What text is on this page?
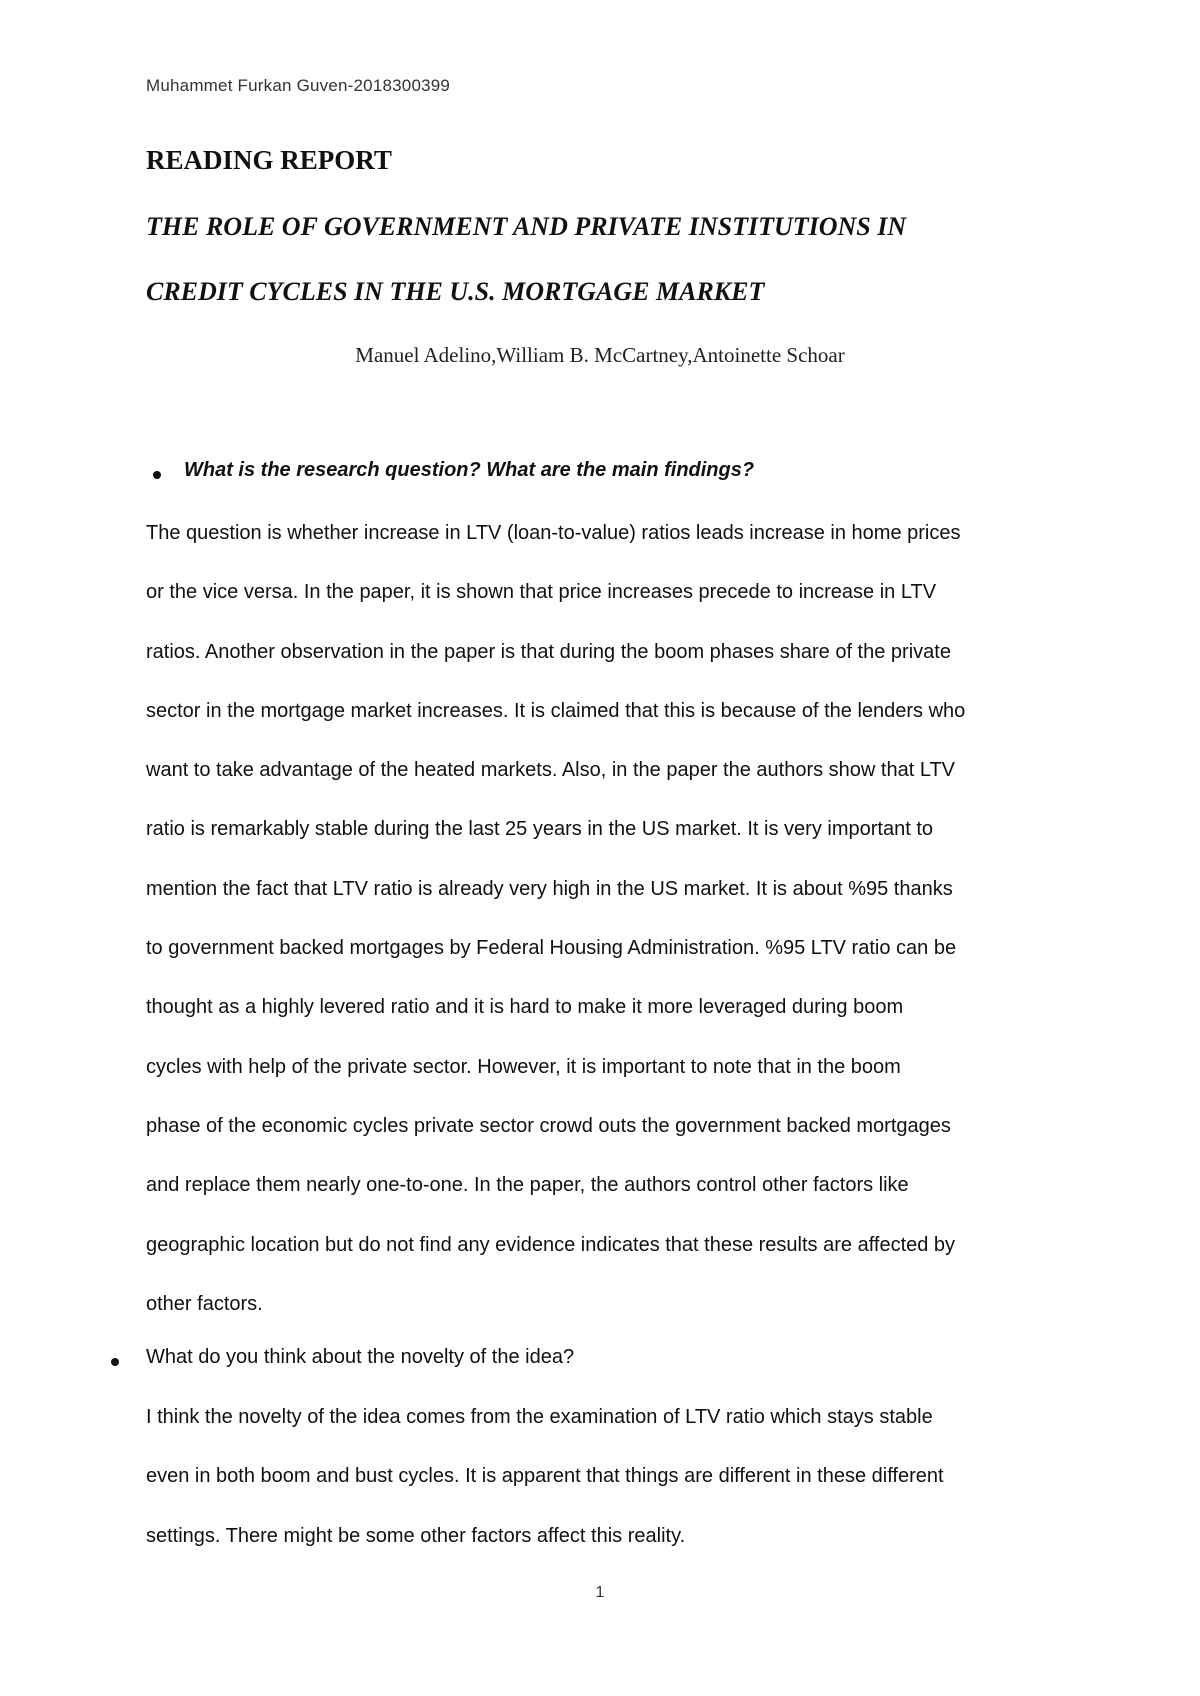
Muhammet Furkan Guven-2018300399
READING REPORT
THE ROLE OF GOVERNMENT AND PRIVATE INSTITUTIONS IN
CREDIT CYCLES IN THE U.S. MORTGAGE MARKET
Manuel Adelino,William B. McCartney,Antoinette Schoar
What is the research question? What are the main findings?
The question is whether increase in LTV (loan-to-value) ratios leads increase in home prices
or the vice versa. In the paper, it is shown that price increases precede to increase in LTV
ratios. Another observation in the paper is that during the boom phases share of the private
sector in the mortgage market increases. It is claimed that this is because of the lenders who
want to take advantage of the heated markets. Also, in the paper the authors show that LTV
ratio is remarkably stable during the last 25 years in the US market. It is very important to
mention the fact that LTV ratio is already very high in the US market. It is about %95 thanks
to government backed mortgages by Federal Housing Administration. %95 LTV ratio can be
thought as a highly levered ratio and it is hard to make it more leveraged during boom
cycles with help of the private sector. However, it is important to note that in the boom
phase of the economic cycles private sector crowd outs the government backed mortgages
and replace them nearly one-to-one. In the paper, the authors control other factors like
geographic location but do not find any evidence indicates that these results are affected by
other factors.
What do you think about the novelty of the idea?
I think the novelty of the idea comes from the examination of LTV ratio which stays stable
even in both boom and bust cycles. It is apparent that things are different in these different
settings. There might be some other factors affect this reality.
1
